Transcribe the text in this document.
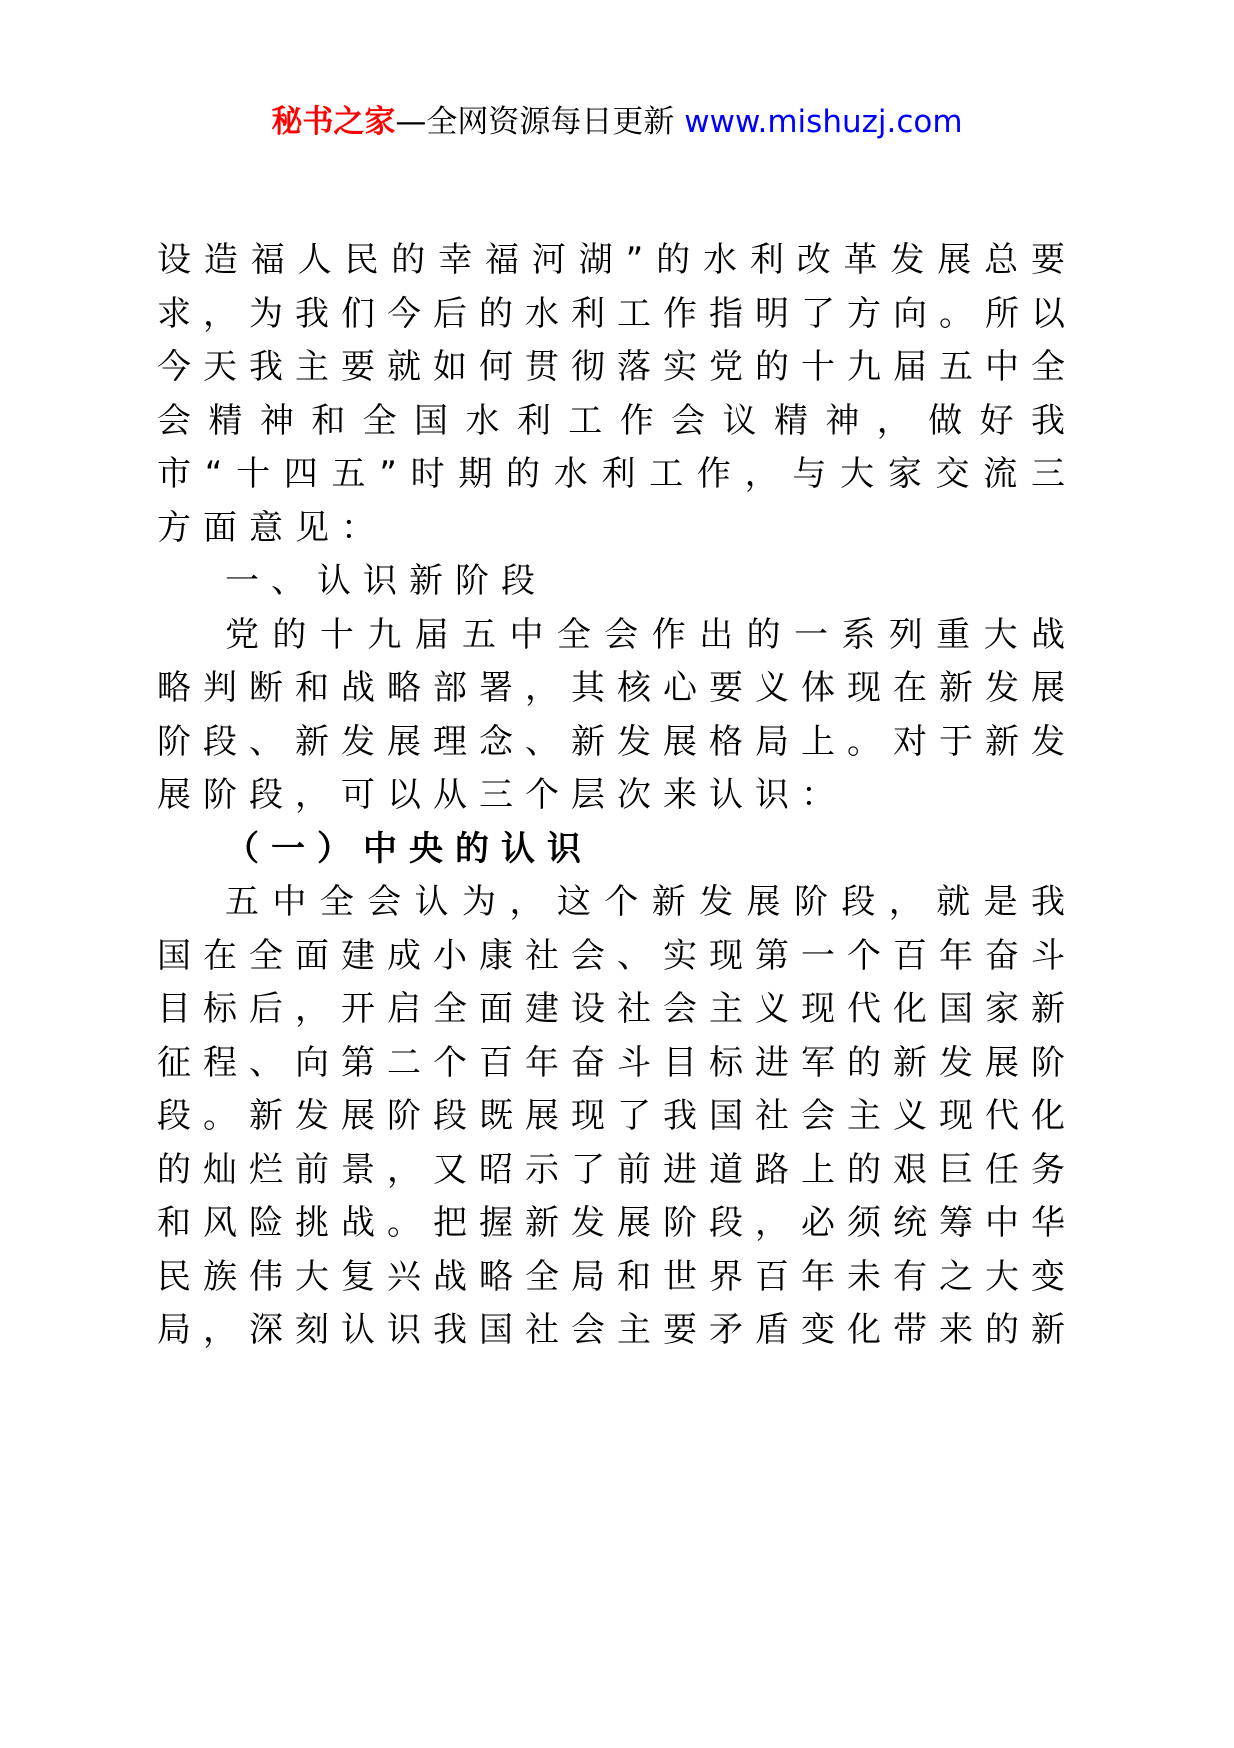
秘书之家—全网资源每日更新 www.mishuzj.com

设造福人民的幸福河湖”的水利改革发展总要求，为我们今后的水利工作指明了方向。所以今天我主要就如何贯彻落实党的十九届五中全会精神和全国水利工作会议精神，做好我市“十四五”时期的水利工作，与大家交流三方面意见：

一、认识新阶段

党的十九届五中全会作出的一系列重大战略判断和战略部署，其核心要义体现在新发展阶段、新发展理念、新发展格局上。对于新发展阶段，可以从三个层次来认识：

（一）中央的认识

五中全会认为，这个新发展阶段，就是我国在全面建成小康社会、实现第一个百年奋斗目标后，开启全面建设社会主义现代化国家新征程、向第二个百年奋斗目标进军的新发展阶段。新发展阶段既展现了我国社会主义现代化的灿烂前景，又昭示了前进道路上的艰巨任务和风险挑战。把握新发展阶段，必须统筹中华民族伟大复兴战略全局和世界百年未有之大变局，深刻认识我国社会主要矛盾变化带来的新
